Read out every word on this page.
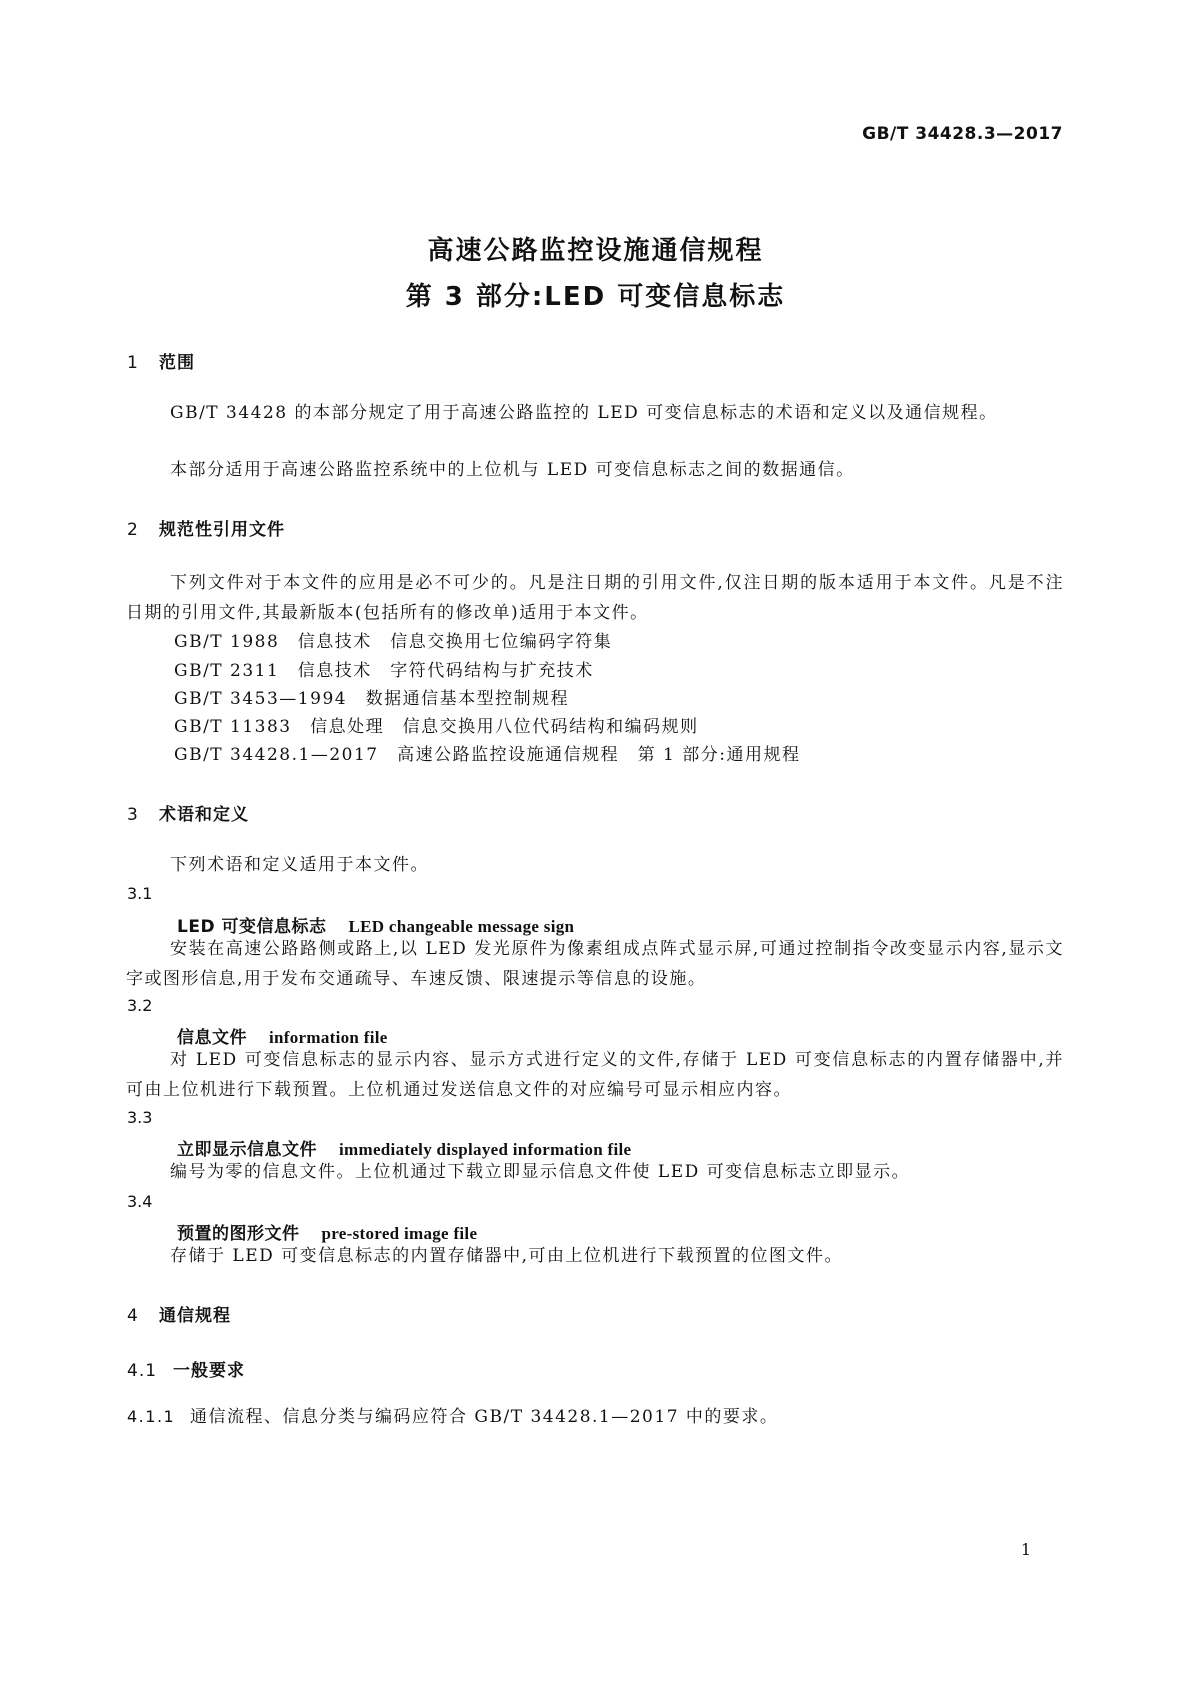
GB/T 34428.3—2017
高速公路监控设施通信规程
第 3 部分:LED 可变信息标志
1 范围
GB/T 34428 的本部分规定了用于高速公路监控的 LED 可变信息标志的术语和定义以及通信规程。
本部分适用于高速公路监控系统中的上位机与 LED 可变信息标志之间的数据通信。
2 规范性引用文件
下列文件对于本文件的应用是必不可少的。凡是注日期的引用文件,仅注日期的版本适用于本文件。凡是不注日期的引用文件,其最新版本(包括所有的修改单)适用于本文件。
GB/T 1988　信息技术　信息交换用七位编码字符集
GB/T 2311　信息技术　字符代码结构与扩充技术
GB/T 3453—1994　数据通信基本型控制规程
GB/T 11383　信息处理　信息交换用八位代码结构和编码规则
GB/T 34428.1—2017　高速公路监控设施通信规程　第 1 部分:通用规程
3 术语和定义
下列术语和定义适用于本文件。
3.1
LED 可变信息标志 LED changeable message sign
安装在高速公路路侧或路上,以 LED 发光原件为像素组成点阵式显示屏,可通过控制指令改变显示内容,显示文字或图形信息,用于发布交通疏导、车速反馈、限速提示等信息的设施。
3.2
信息文件 information file
对 LED 可变信息标志的显示内容、显示方式进行定义的文件,存储于 LED 可变信息标志的内置存储器中,并可由上位机进行下载预置。上位机通过发送信息文件的对应编号可显示相应内容。
3.3
立即显示信息文件 immediately displayed information file
编号为零的信息文件。上位机通过下载立即显示信息文件使 LED 可变信息标志立即显示。
3.4
预置的图形文件 pre-stored image file
存储于 LED 可变信息标志的内置存储器中,可由上位机进行下载预置的位图文件。
4 通信规程
4.1 一般要求
4.1.1 通信流程、信息分类与编码应符合 GB/T 34428.1—2017 中的要求。
1
